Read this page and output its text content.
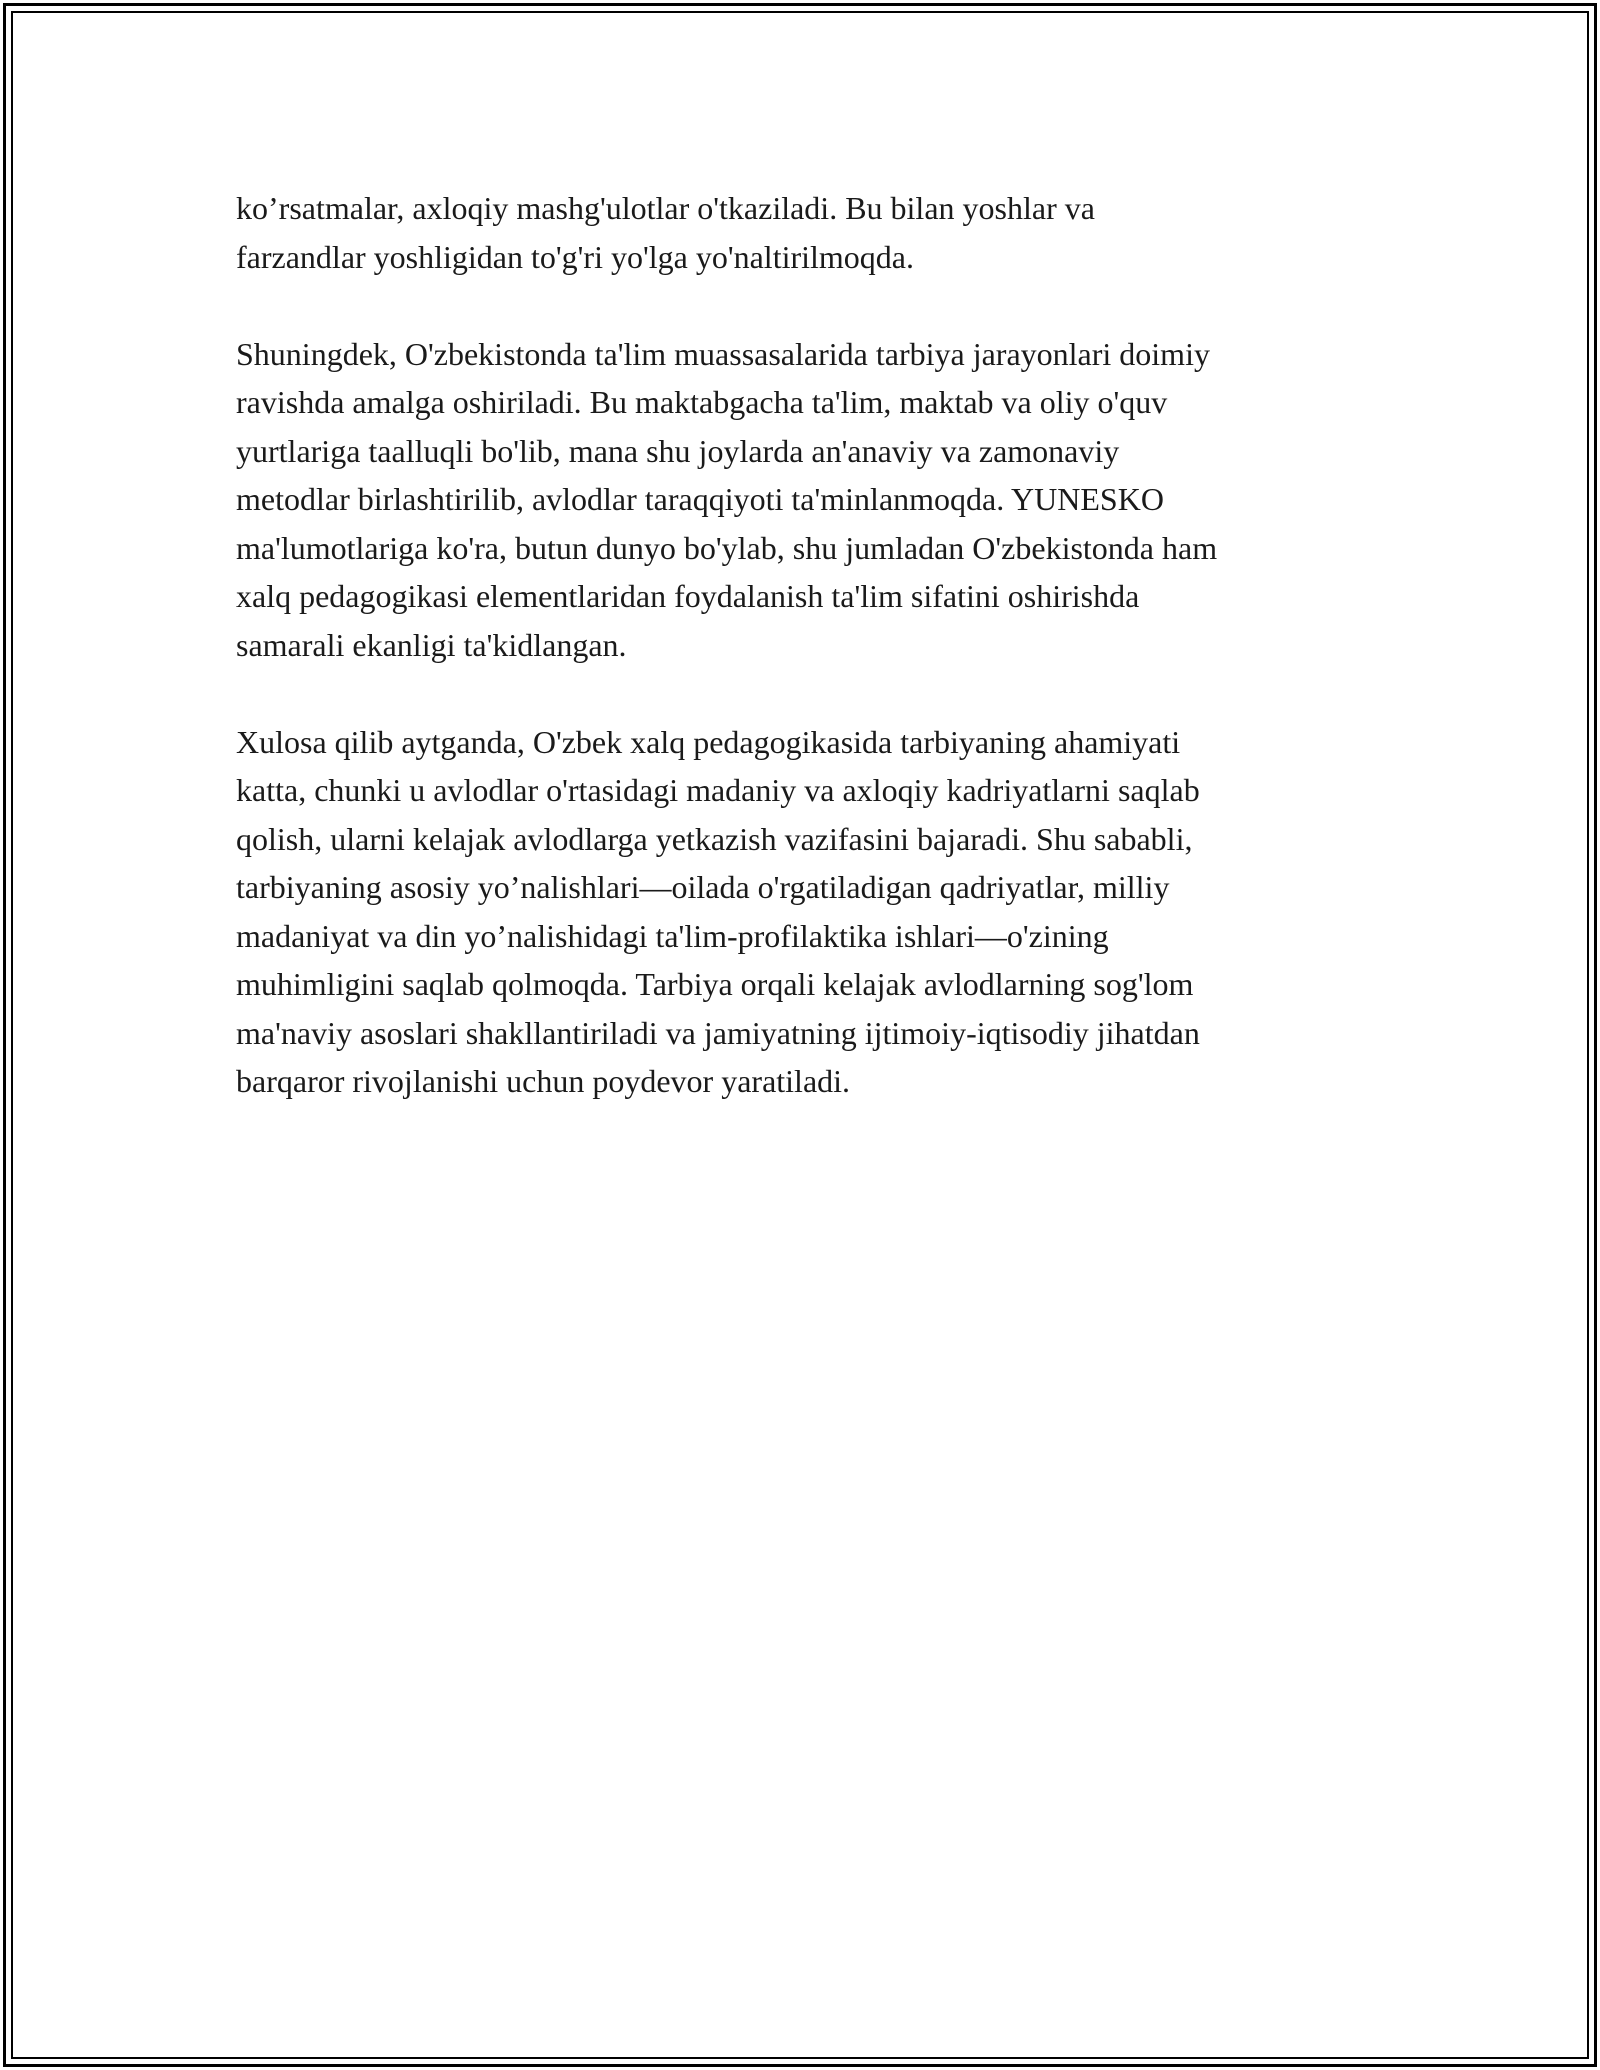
ko’rsatmalar, axloqiy mashg'ulotlar o'tkaziladi. Bu bilan yoshlar va
farzandlar yoshligidan to'g'ri yo'lga yo'naltirilmoqda.

Shuningdek, O'zbekistonda ta'lim muassasalarida tarbiya jarayonlari doimiy
ravishda amalga oshiriladi. Bu maktabgacha ta'lim, maktab va oliy o'quv
yurtlariga taalluqli bo'lib, mana shu joylarda an'anaviy va zamonaviy
metodlar birlashtirilib, avlodlar taraqqiyoti ta'minlanmoqda. YUNESKO
ma'lumotlariga ko'ra, butun dunyo bo'ylab, shu jumladan O'zbekistonda ham
xalq pedagogikasi elementlaridan foydalanish ta'lim sifatini oshirishda
samarali ekanligi ta'kidlangan.

Xulosa qilib aytganda, O'zbek xalq pedagogikasida tarbiyaning ahamiyati
katta, chunki u avlodlar o'rtasidagi madaniy va axloqiy kadriyatlarni saqlab
qolish, ularni kelajak avlodlarga yetkazish vazifasini bajaradi. Shu sababli,
tarbiyaning asosiy yo’nalishlari—oilada o'rgatiladigan qadriyatlar, milliy
madaniyat va din yo’nalishidagi ta'lim-profilaktika ishlari—o'zining
muhimligini saqlab qolmoqda. Tarbiya orqali kelajak avlodlarning sog'lom
ma'naviy asoslari shakllantiriladi va jamiyatning ijtimoiy-iqtisodiy jihatdan
barqaror rivojlanishi uchun poydevor yaratiladi.
